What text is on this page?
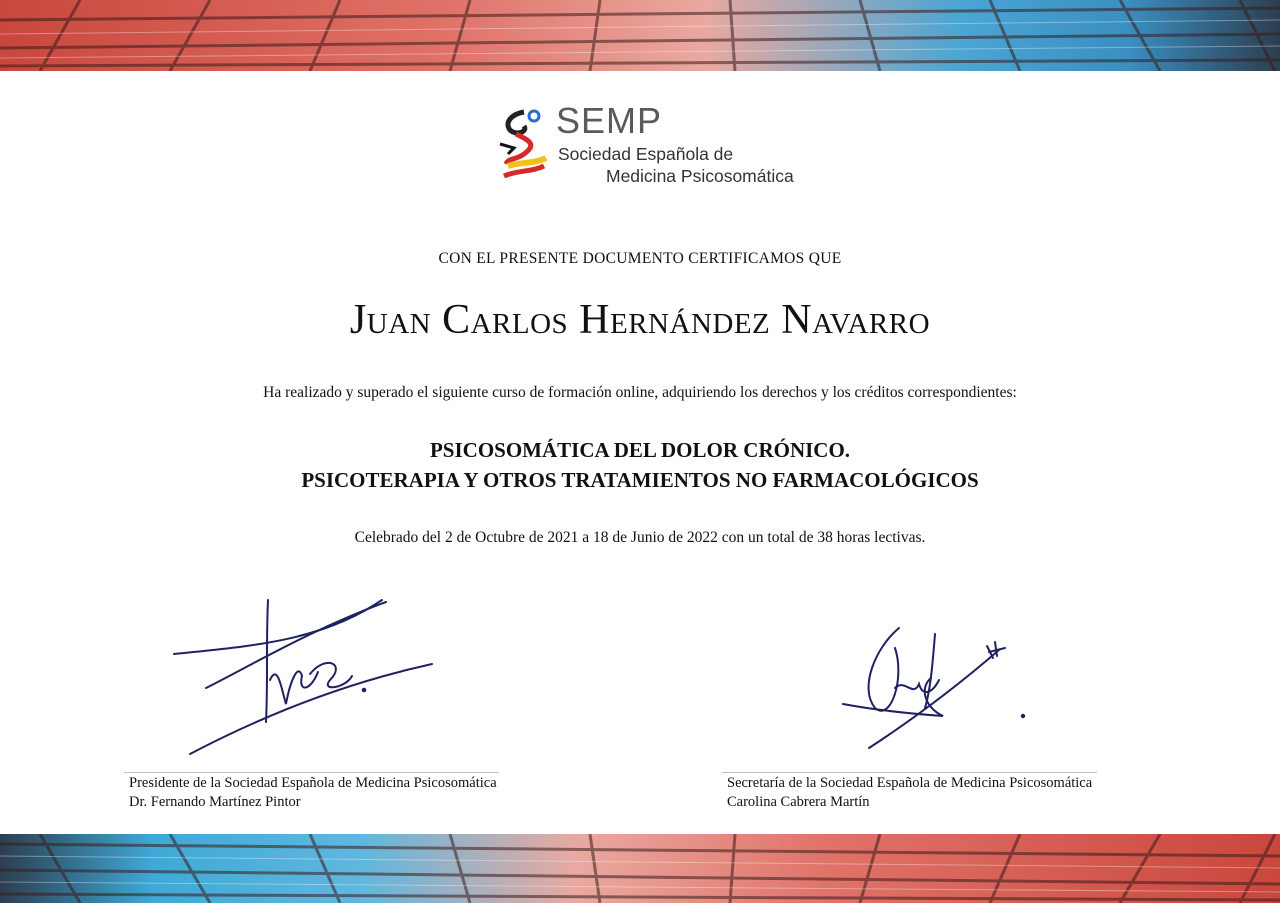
SEMP
Sociedad Española de
Medicina Psicosomática
CON EL PRESENTE DOCUMENTO CERTIFICAMOS QUE
Juan Carlos Hernández Navarro
Ha realizado y superado el siguiente curso de formación online, adquiriendo los derechos y los créditos correspondientes:
PSICOSOMÁTICA DEL DOLOR CRÓNICO.
PSICOTERAPIA Y OTROS TRATAMIENTOS NO FARMACOLÓGICOS
Celebrado del 2 de Octubre de 2021 a 18 de Junio de 2022 con un total de 38 horas lectivas.
Presidente de la Sociedad Española de Medicina Psicosomática
Dr. Fernando Martínez Pintor
Secretaría de la Sociedad Española de Medicina Psicosomática
Carolina Cabrera Martín
